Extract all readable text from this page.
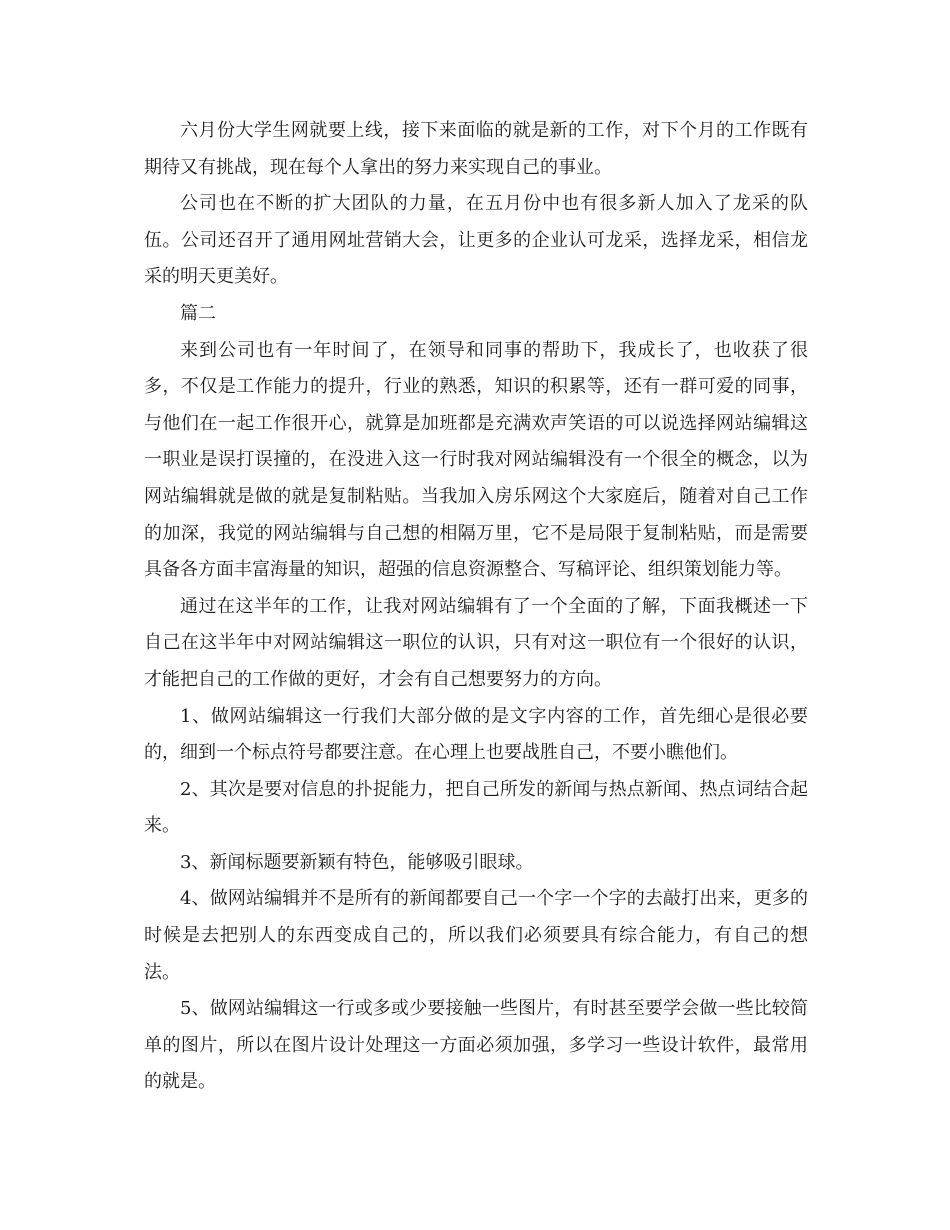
六月份大学生网就要上线，接下来面临的就是新的工作，对下个月的工作既有期待又有挑战，现在每个人拿出的努力来实现自己的事业。

公司也在不断的扩大团队的力量，在五月份中也有很多新人加入了龙采的队伍。公司还召开了通用网址营销大会，让更多的企业认可龙采，选择龙采，相信龙采的明天更美好。

篇二

来到公司也有一年时间了，在领导和同事的帮助下，我成长了，也收获了很多，不仅是工作能力的提升，行业的熟悉，知识的积累等，还有一群可爱的同事，与他们在一起工作很开心，就算是加班都是充满欢声笑语的可以说选择网站编辑这一职业是误打误撞的，在没进入这一行时我对网站编辑没有一个很全的概念，以为网站编辑就是做的就是复制粘贴。当我加入房乐网这个大家庭后，随着对自己工作的加深，我觉的网站编辑与自己想的相隔万里，它不是局限于复制粘贴，而是需要具备各方面丰富海量的知识，超强的信息资源整合、写稿评论、组织策划能力等。

通过在这半年的工作，让我对网站编辑有了一个全面的了解，下面我概述一下自己在这半年中对网站编辑这一职位的认识，只有对这一职位有一个很好的认识，才能把自己的工作做的更好，才会有自己想要努力的方向。

1、做网站编辑这一行我们大部分做的是文字内容的工作，首先细心是很必要的，细到一个标点符号都要注意。在心理上也要战胜自己，不要小瞧他们。

2、其次是要对信息的扑捉能力，把自己所发的新闻与热点新闻、热点词结合起来。

3、新闻标题要新颖有特色，能够吸引眼球。

4、做网站编辑并不是所有的新闻都要自己一个字一个字的去敲打出来，更多的时候是去把别人的东西变成自己的，所以我们必须要具有综合能力，有自己的想法。

5、做网站编辑这一行或多或少要接触一些图片，有时甚至要学会做一些比较简单的图片，所以在图片设计处理这一方面必须加强，多学习一些设计软件，最常用的就是。
